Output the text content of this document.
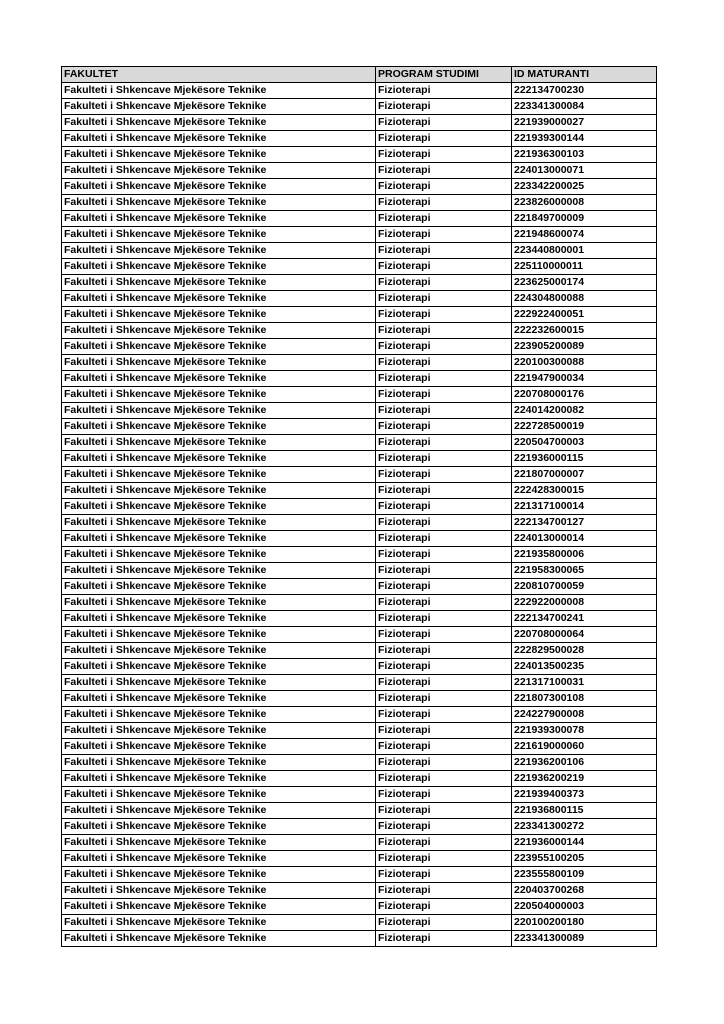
FAKULTET	PROGRAM STUDIMI	ID MATURANTI
Fakulteti i Shkencave Mjekësore Teknike	Fizioterapi	222134700230
Fakulteti i Shkencave Mjekësore Teknike	Fizioterapi	223341300084
Fakulteti i Shkencave Mjekësore Teknike	Fizioterapi	221939000027
Fakulteti i Shkencave Mjekësore Teknike	Fizioterapi	221939300144
Fakulteti i Shkencave Mjekësore Teknike	Fizioterapi	221936300103
Fakulteti i Shkencave Mjekësore Teknike	Fizioterapi	224013000071
Fakulteti i Shkencave Mjekësore Teknike	Fizioterapi	223342200025
Fakulteti i Shkencave Mjekësore Teknike	Fizioterapi	223826000008
Fakulteti i Shkencave Mjekësore Teknike	Fizioterapi	221849700009
Fakulteti i Shkencave Mjekësore Teknike	Fizioterapi	221948600074
Fakulteti i Shkencave Mjekësore Teknike	Fizioterapi	223440800001
Fakulteti i Shkencave Mjekësore Teknike	Fizioterapi	225110000011
Fakulteti i Shkencave Mjekësore Teknike	Fizioterapi	223625000174
Fakulteti i Shkencave Mjekësore Teknike	Fizioterapi	224304800088
Fakulteti i Shkencave Mjekësore Teknike	Fizioterapi	222922400051
Fakulteti i Shkencave Mjekësore Teknike	Fizioterapi	222232600015
Fakulteti i Shkencave Mjekësore Teknike	Fizioterapi	223905200089
Fakulteti i Shkencave Mjekësore Teknike	Fizioterapi	220100300088
Fakulteti i Shkencave Mjekësore Teknike	Fizioterapi	221947900034
Fakulteti i Shkencave Mjekësore Teknike	Fizioterapi	220708000176
Fakulteti i Shkencave Mjekësore Teknike	Fizioterapi	224014200082
Fakulteti i Shkencave Mjekësore Teknike	Fizioterapi	222728500019
Fakulteti i Shkencave Mjekësore Teknike	Fizioterapi	220504700003
Fakulteti i Shkencave Mjekësore Teknike	Fizioterapi	221936000115
Fakulteti i Shkencave Mjekësore Teknike	Fizioterapi	221807000007
Fakulteti i Shkencave Mjekësore Teknike	Fizioterapi	222428300015
Fakulteti i Shkencave Mjekësore Teknike	Fizioterapi	221317100014
Fakulteti i Shkencave Mjekësore Teknike	Fizioterapi	222134700127
Fakulteti i Shkencave Mjekësore Teknike	Fizioterapi	224013000014
Fakulteti i Shkencave Mjekësore Teknike	Fizioterapi	221935800006
Fakulteti i Shkencave Mjekësore Teknike	Fizioterapi	221958300065
Fakulteti i Shkencave Mjekësore Teknike	Fizioterapi	220810700059
Fakulteti i Shkencave Mjekësore Teknike	Fizioterapi	222922000008
Fakulteti i Shkencave Mjekësore Teknike	Fizioterapi	222134700241
Fakulteti i Shkencave Mjekësore Teknike	Fizioterapi	220708000064
Fakulteti i Shkencave Mjekësore Teknike	Fizioterapi	222829500028
Fakulteti i Shkencave Mjekësore Teknike	Fizioterapi	224013500235
Fakulteti i Shkencave Mjekësore Teknike	Fizioterapi	221317100031
Fakulteti i Shkencave Mjekësore Teknike	Fizioterapi	221807300108
Fakulteti i Shkencave Mjekësore Teknike	Fizioterapi	224227900008
Fakulteti i Shkencave Mjekësore Teknike	Fizioterapi	221939300078
Fakulteti i Shkencave Mjekësore Teknike	Fizioterapi	221619000060
Fakulteti i Shkencave Mjekësore Teknike	Fizioterapi	221936200106
Fakulteti i Shkencave Mjekësore Teknike	Fizioterapi	221936200219
Fakulteti i Shkencave Mjekësore Teknike	Fizioterapi	221939400373
Fakulteti i Shkencave Mjekësore Teknike	Fizioterapi	221936800115
Fakulteti i Shkencave Mjekësore Teknike	Fizioterapi	223341300272
Fakulteti i Shkencave Mjekësore Teknike	Fizioterapi	221936000144
Fakulteti i Shkencave Mjekësore Teknike	Fizioterapi	223955100205
Fakulteti i Shkencave Mjekësore Teknike	Fizioterapi	223555800109
Fakulteti i Shkencave Mjekësore Teknike	Fizioterapi	220403700268
Fakulteti i Shkencave Mjekësore Teknike	Fizioterapi	220504000003
Fakulteti i Shkencave Mjekësore Teknike	Fizioterapi	220100200180
Fakulteti i Shkencave Mjekësore Teknike	Fizioterapi	223341300089
